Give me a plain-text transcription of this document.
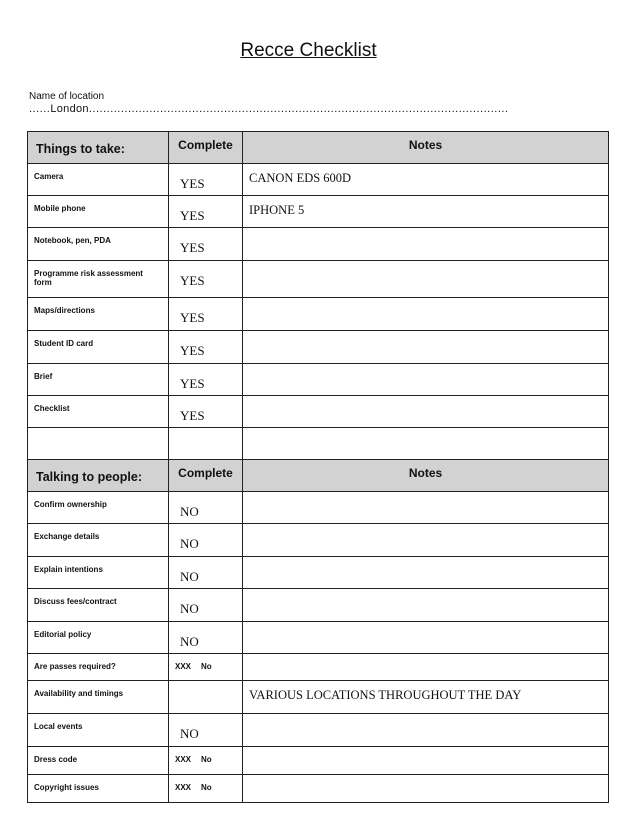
Recce Checklist
Name of location
......London......................................................................................................................
Things to take:	Complete	Notes
Camera	YES	CANON EDS 600D
Mobile phone	YES	IPHONE 5
Notebook, pen, PDA	YES	
Programme risk assessment form	YES	
Maps/directions	YES	
Student ID card	YES	
Brief	YES	
Checklist	YES	

Talking to people:	Complete	Notes
Confirm ownership	NO	
Exchange details	NO	
Explain intentions	NO	
Discuss fees/contract	NO	
Editorial policy	NO	
Are passes required?	XXX No	
Availability and timings		VARIOUS LOCATIONS THROUGHOUT THE DAY
Local events	NO	
Dress code	XXX No	
Copyright issues	XXX No	
